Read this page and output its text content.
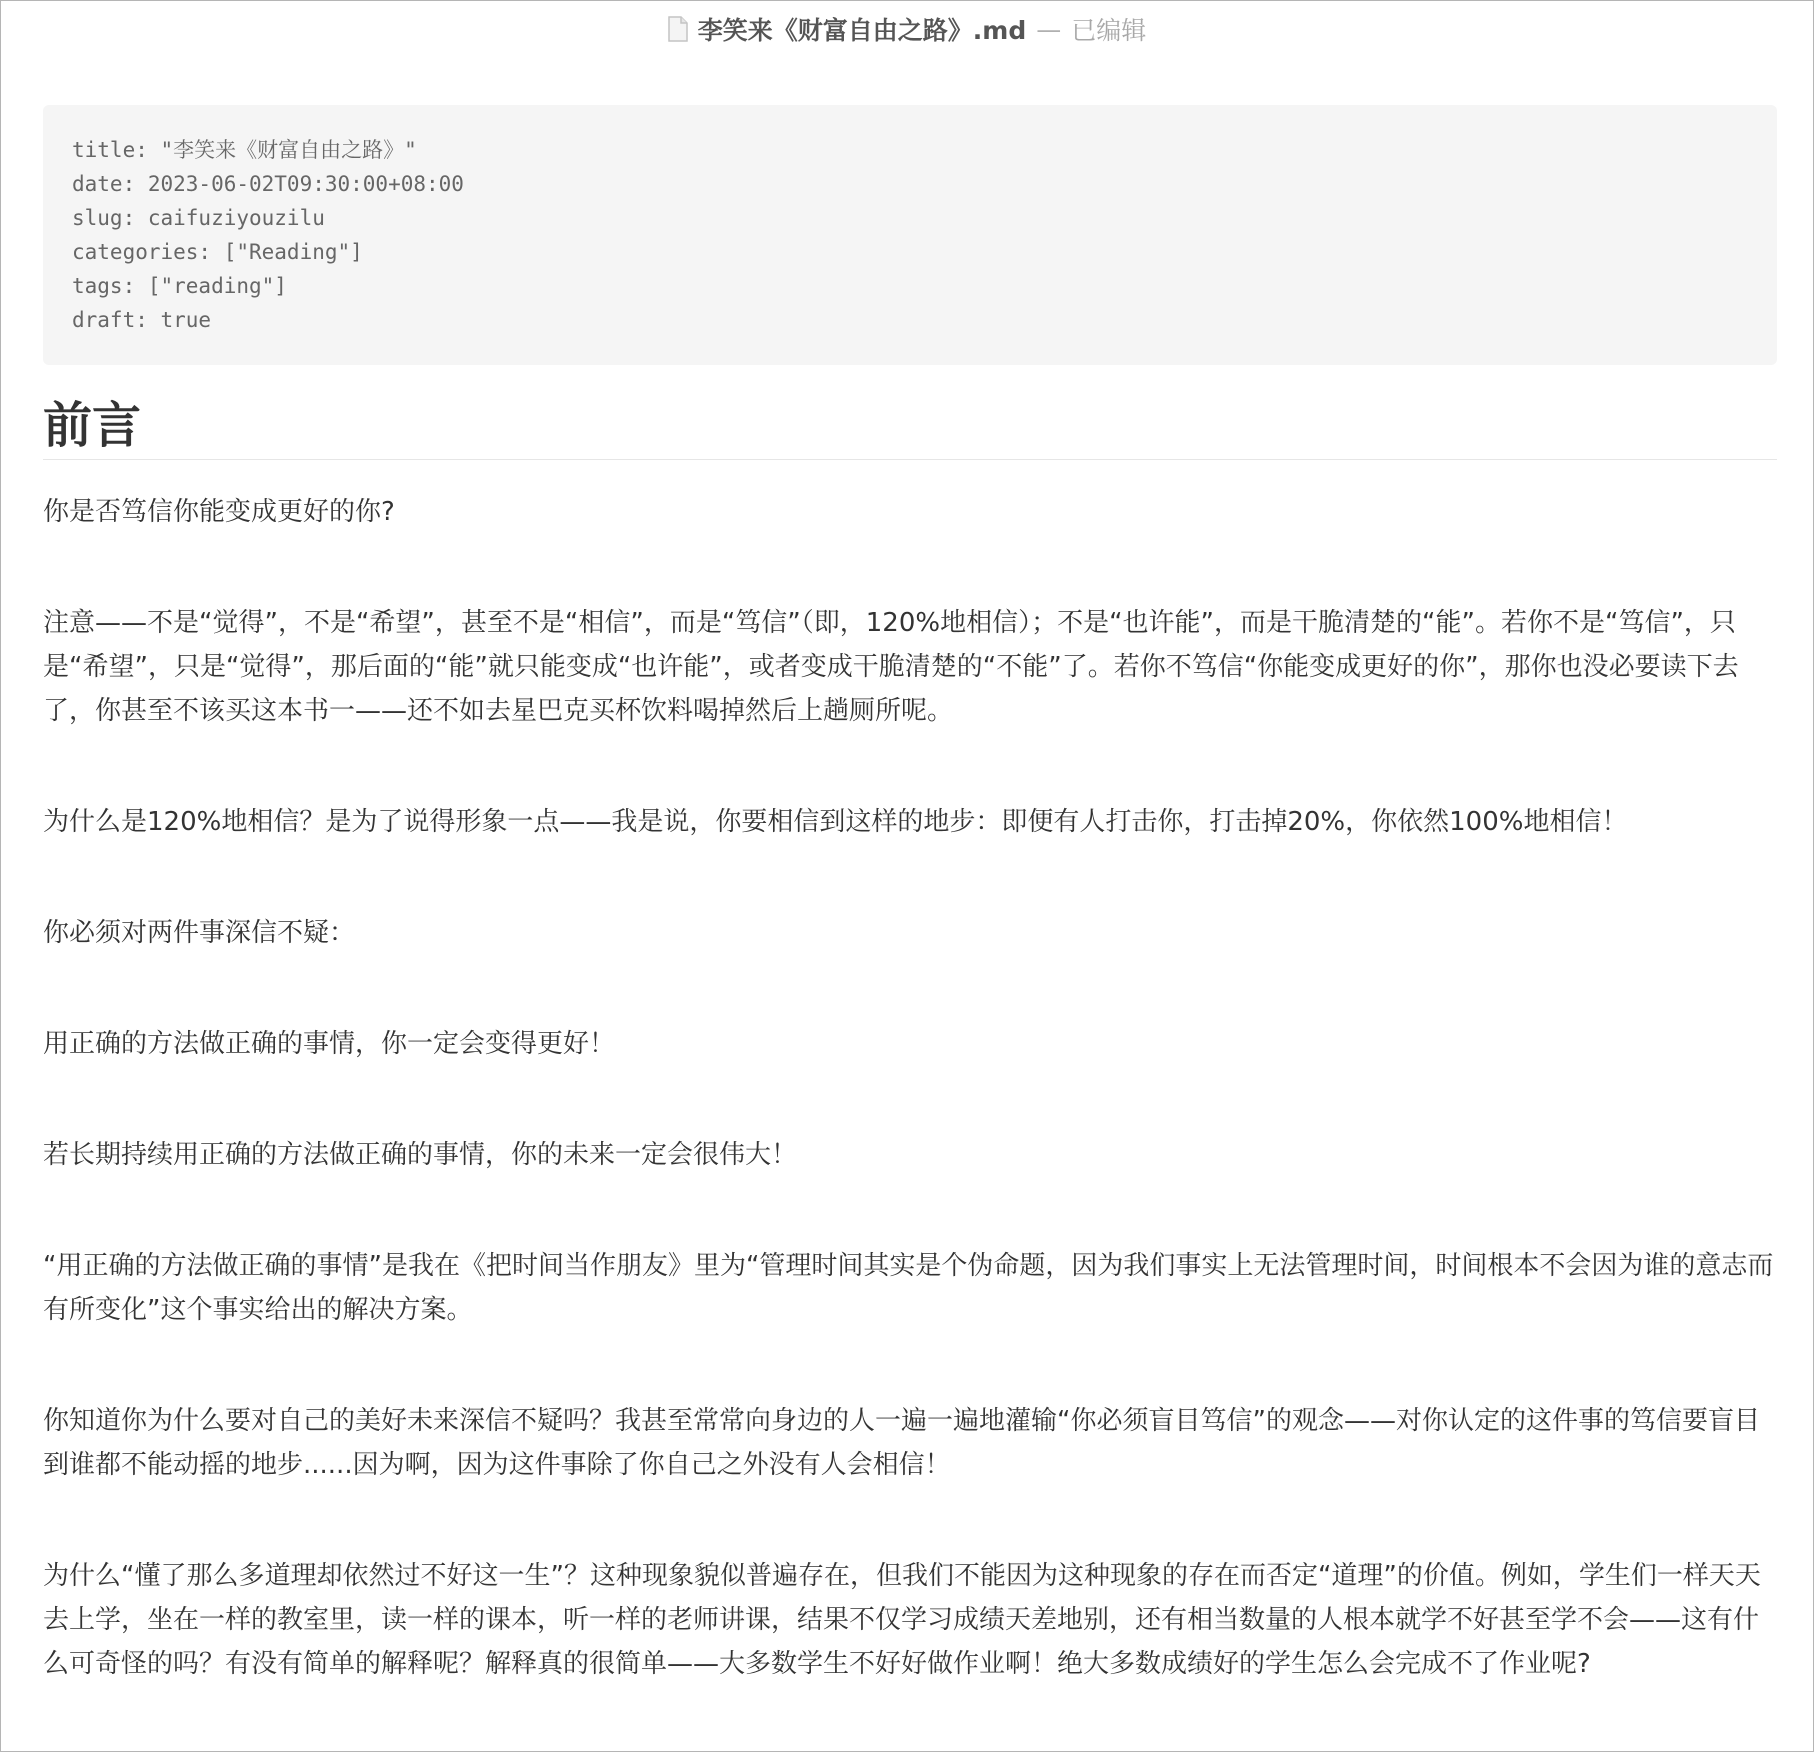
李笑来《财富自由之路》.md — 已编辑
title: "李笑来《财富自由之路》"
date: 2023-06-02T09:30:00+08:00
slug: caifuziyouzilu
categories: ["Reading"]
tags: ["reading"]
draft: true
前言

你是否笃信你能变成更好的你?

注意——不是“觉得”，不是“希望”，甚至不是“相信”，而是“笃信”（即，120%地相信）；不是“也许能”，而是干脆清楚的“能”。若你不是“笃信”，只是“希望”，只是“觉得”，那后面的“能”就只能变成“也许能”，或者变成干脆清楚的“不能”了。若你不笃信“你能变成更好的你”，那你也没必要读下去了，你甚至不该买这本书一——还不如去星巴克买杯饮料喝掉然后上趟厕所呢。

为什么是120%地相信？是为了说得形象一点——我是说，你要相信到这样的地步：即便有人打击你，打击掉20%，你依然100%地相信！

你必须对两件事深信不疑：

用正确的方法做正确的事情，你一定会变得更好！

若长期持续用正确的方法做正确的事情，你的未来一定会很伟大！

“用正确的方法做正确的事情”是我在《把时间当作朋友》里为“管理时间其实是个伪命题，因为我们事实上无法管理时间，时间根本不会因为谁的意志而有所变化”这个事实给出的解决方案。

你知道你为什么要对自己的美好未来深信不疑吗？我甚至常常向身边的人一遍一遍地灌输“你必须盲目笃信”的观念——对你认定的这件事的笃信要盲目到谁都不能动摇的地步......因为啊，因为这件事除了你自己之外没有人会相信！

为什么“懂了那么多道理却依然过不好这一生”？这种现象貌似普遍存在，但我们不能因为这种现象的存在而否定“道理”的价值。例如，学生们一样天天去上学，坐在一样的教室里，读一样的课本，听一样的老师讲课，结果不仅学习成绩天差地别，还有相当数量的人根本就学不好甚至学不会——这有什么可奇怪的吗？有没有简单的解释呢？解释真的很简单——大多数学生不好好做作业啊！绝大多数成绩好的学生怎么会完成不了作业呢?
